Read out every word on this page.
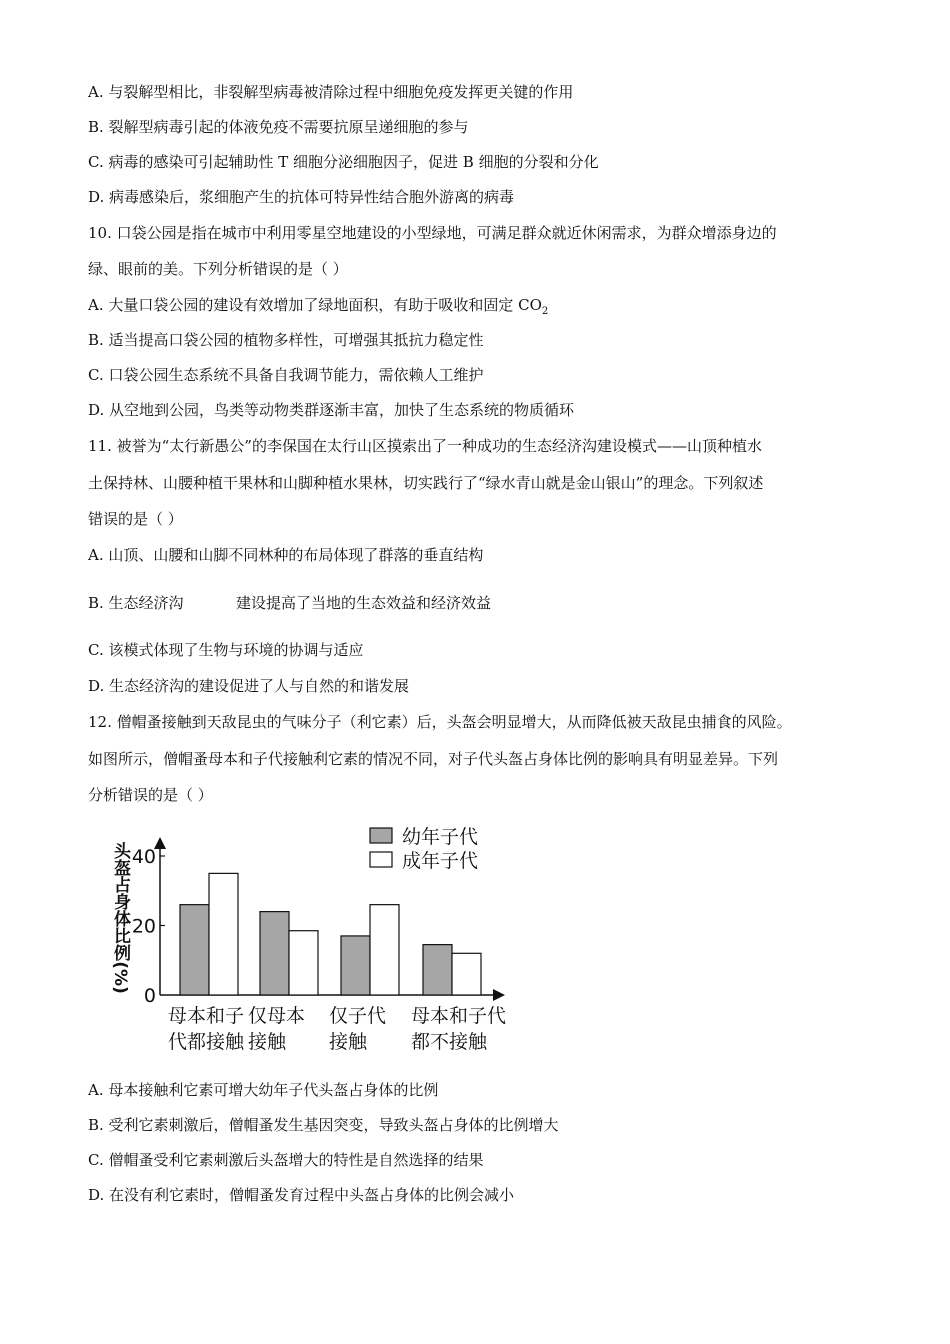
A. 与裂解型相比，非裂解型病毒被清除过程中细胞免疫发挥更关键的作用
B. 裂解型病毒引起的体液免疫不需要抗原呈递细胞的参与
C. 病毒的感染可引起辅助性 T 细胞分泌细胞因子，促进 B 细胞的分裂和分化
D. 病毒感染后，浆细胞产生的抗体可特异性结合胞外游离的病毒
10. 口袋公园是指在城市中利用零星空地建设的小型绿地，可满足群众就近休闲需求，为群众增添身边的
绿、眼前的美。下列分析错误的是（ ）
A. 大量口袋公园的建设有效增加了绿地面积，有助于吸收和固定 $CO_2$
B. 适当提高口袋公园的植物多样性，可增强其抵抗力稳定性
C. 口袋公园生态系统不具备自我调节能力，需依赖人工维护
D. 从空地到公园，鸟类等动物类群逐渐丰富，加快了生态系统的物质循环
11. 被誉为“太行新愚公”的李保国在太行山区摸索出了一种成功的生态经济沟建设模式——山顶种植水
土保持林、山腰种植干果林和山脚种植水果林，切实践行了“绿水青山就是金山银山”的理念。下列叙述
错误的是（ ）
A. 山顶、山腰和山脚不同林种的布局体现了群落的垂直结构
B. 生态经济沟	建设提高了当地的生态效益和经济效益
C. 该模式体现了生物与环境的协调与适应
D. 生态经济沟的建设促进了人与自然的和谐发展
12. 僧帽蚤接触到天敌昆虫的气味分子（利它素）后，头盔会明显增大，从而降低被天敌昆虫捕食的风险。
如图所示，僧帽蚤母本和子代接触利它素的情况不同，对子代头盔占身体比例的影响具有明显差异。下列
分析错误的是（ ）
0
20
40
头盔占身体比例(%)
母本和子
代都接触
仅母本
接触
仅子代
接触
母本和子代
都不接触
幼年子代
成年子代
A. 母本接触利它素可增大幼年子代头盔占身体的比例
B. 受利它素刺激后，僧帽蚤发生基因突变，导致头盔占身体的比例增大
C. 僧帽蚤受利它素刺激后头盔增大的特性是自然选择的结果
D. 在没有利它素时，僧帽蚤发育过程中头盔占身体的比例会减小
